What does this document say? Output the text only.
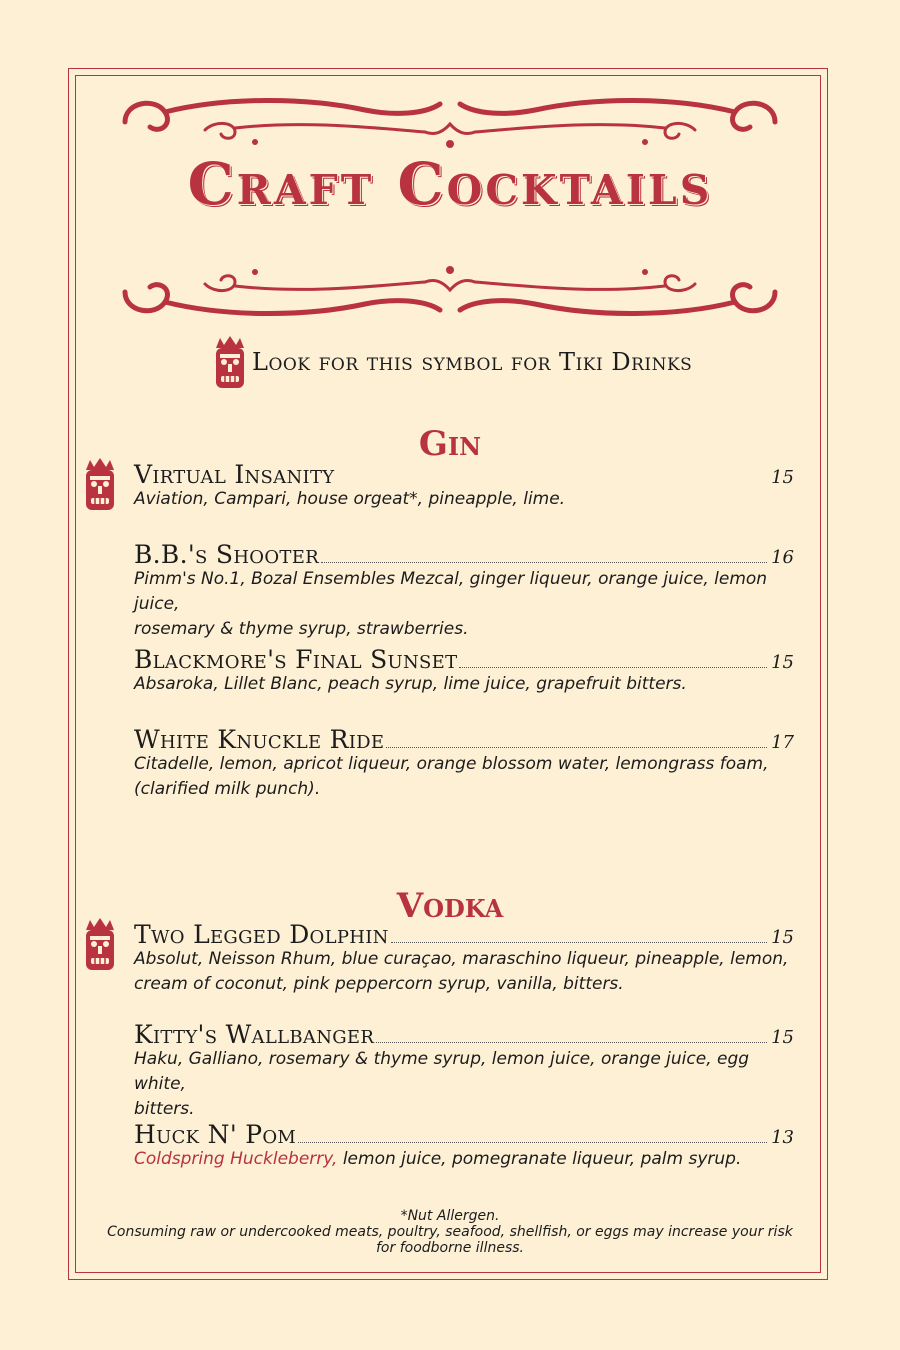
Craft Cocktails
Look for this symbol for Tiki Drinks
Gin
Virtual Insanity	15
Aviation, Campari, house orgeat*, pineapple, lime.
B.B.'s Shooter	16
Pimm's No.1, Bozal Ensembles Mezcal, ginger liqueur, orange juice, lemon juice,
rosemary & thyme syrup, strawberries.
Blackmore's Final Sunset	15
Absaroka, Lillet Blanc, peach syrup, lime juice, grapefruit bitters.
White Knuckle Ride	17
Citadelle, lemon, apricot liqueur, orange blossom water, lemongrass foam,
(clarified milk punch).
Vodka
Two Legged Dolphin	15
Absolut, Neisson Rhum, blue curaçao, maraschino liqueur, pineapple, lemon,
cream of coconut, pink peppercorn syrup, vanilla, bitters.
Kitty's Wallbanger	15
Haku, Galliano, rosemary & thyme syrup, lemon juice, orange juice, egg white,
bitters.
Huck N' Pom	13
Coldspring Huckleberry, lemon juice, pomegranate liqueur, palm syrup.
*Nut Allergen.
Consuming raw or undercooked meats, poultry, seafood, shellfish, or eggs may increase your risk
for foodborne illness.
